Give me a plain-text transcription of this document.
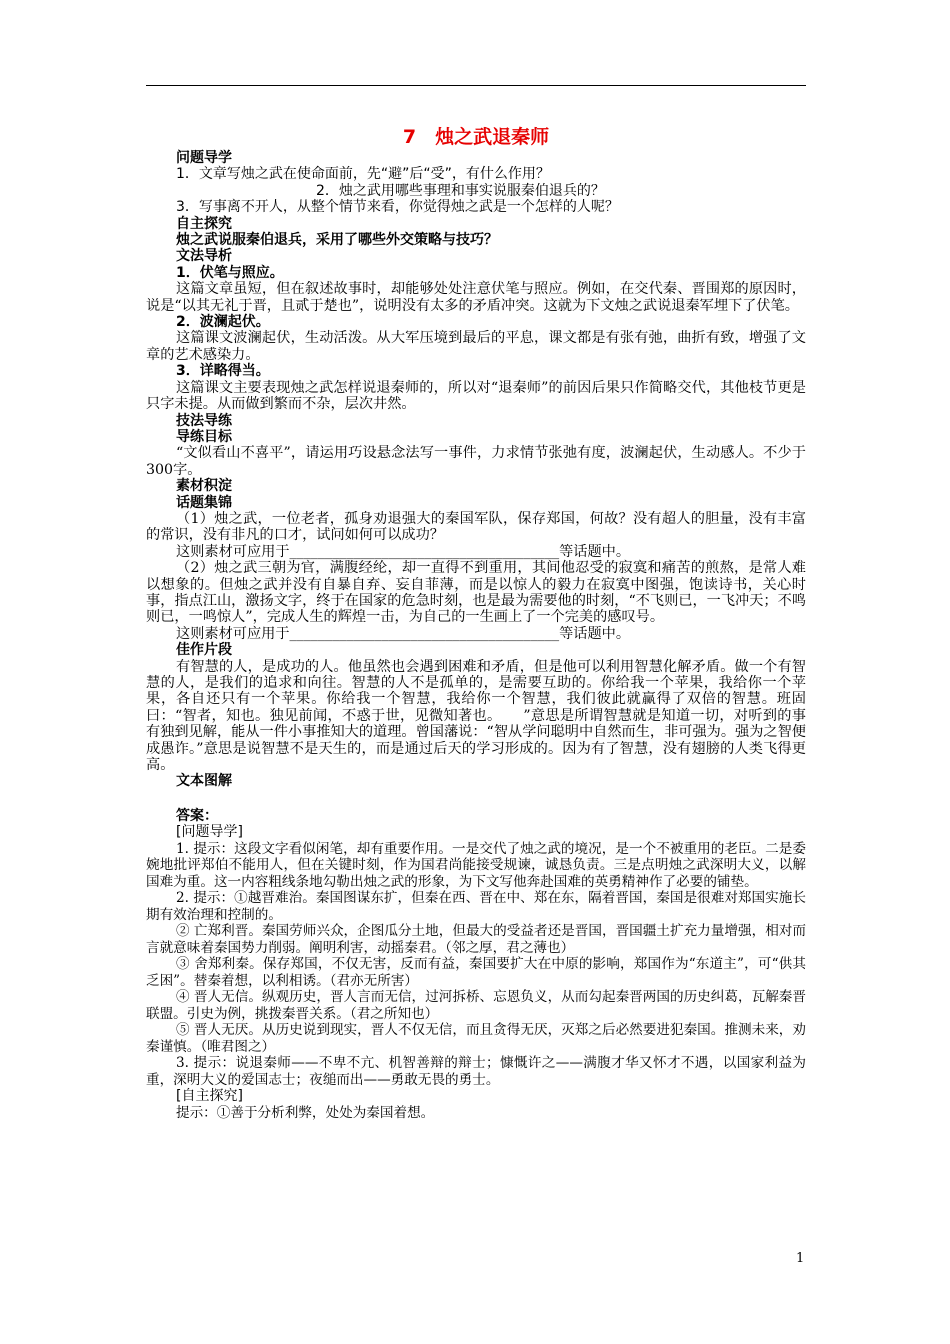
7　烛之武退秦师
问题导学
1．文章写烛之武在使命面前，先“避”后“受”，有什么作用？
2．烛之武用哪些事理和事实说服秦伯退兵的？
3．写事离不开人，从整个情节来看，你觉得烛之武是一个怎样的人呢？
自主探究
烛之武说服秦伯退兵，采用了哪些外交策略与技巧？
文法导析
1．伏笔与照应。

这篇文章虽短，但在叙述故事时，却能够处处注意伏笔与照应。例如，在交代秦、晋围郑的原因时，说是“以其无礼于晋，且贰于楚也”，说明没有太多的矛盾冲突。这就为下文烛之武说退秦军埋下了伏笔。

2．波澜起伏。

这篇课文波澜起伏，生动活泼。从大军压境到最后的平息，课文都是有张有弛，曲折有致，增强了文章的艺术感染力。

3．详略得当。

这篇课文主要表现烛之武怎样说退秦师的，所以对“退秦师”的前因后果只作简略交代，其他枝节更是只字未提。从而做到繁而不杂，层次井然。

技法导练
导练目标

“文似看山不喜平”，请运用巧设悬念法写一事件，力求情节张弛有度，波澜起伏，生动感人。不少于300字。

素材积淀
话题集锦

（1）烛之武，一位老者，孤身劝退强大的秦国军队，保存郑国，何故？没有超人的胆量，没有丰富的常识，没有非凡的口才，试问如何可以成功？

这则素材可应用于______________________________________等话题中。

（2）烛之武三朝为官，满腹经纶，却一直得不到重用，其间他忍受的寂寞和痛苦的煎熬，是常人难以想象的。但烛之武并没有自暴自弃、妄自菲薄，而是以惊人的毅力在寂寞中图强，饱读诗书，关心时事，指点江山，激扬文字，终于在国家的危急时刻，也是最为需要他的时刻，“不飞则已，一飞冲天；不鸣则已，一鸣惊人”，完成人生的辉煌一击，为自己的一生画上了一个完美的感叹号。

这则素材可应用于______________________________________等话题中。

佳作片段

有智慧的人，是成功的人。他虽然也会遇到困难和矛盾，但是他可以利用智慧化解矛盾。做一个有智慧的人，是我们的追求和向往。智慧的人不是孤单的，是需要互助的。你给我一个苹果，我给你一个苹果，各自还只有一个苹果。你给我一个智慧，我给你一个智慧，我们彼此就赢得了双倍的智慧。班固曰：“智者，知也。独见前闻，不惑于世，见微知著也。　　”意思是所谓智慧就是知道一切，对听到的事有独到见解，能从一件小事推知大的道理。曾国藩说：“智从学问聪明中自然而生，非可强为。强为之智便成愚诈。”意思是说智慧不是天生的，而是通过后天的学习形成的。因为有了智慧，没有翅膀的人类飞得更高。

文本图解
答案：
[问题导学]

1. 提示：这段文字看似闲笔，却有重要作用。一是交代了烛之武的境况，是一个不被重用的老臣。二是委婉地批评郑伯不能用人，但在关键时刻，作为国君尚能接受规谏，诚恳负责。三是点明烛之武深明大义，以解国难为重。这一内容粗线条地勾勒出烛之武的形象，为下文写他奔赴国难的英勇精神作了必要的铺垫。

2. 提示：①越晋难治。秦国图谋东扩，但秦在西、晋在中、郑在东，隔着晋国，秦国是很难对郑国实施长期有效治理和控制的。

② 亡郑利晋。秦国劳师兴众，企图瓜分土地，但最大的受益者还是晋国，晋国疆土扩充力量增强，相对而言就意味着秦国势力削弱。阐明利害，动摇秦君。（邻之厚，君之薄也）

③ 舍郑利秦。保存郑国，不仅无害，反而有益，秦国要扩大在中原的影响，郑国作为“东道主”，可“供其乏困”。替秦着想，以利相诱。（君亦无所害）

④ 晋人无信。纵观历史，晋人言而无信，过河拆桥、忘恩负义，从而勾起秦晋两国的历史纠葛，瓦解秦晋联盟。引史为例，挑拨秦晋关系。（君之所知也）

⑤ 晋人无厌。从历史说到现实，晋人不仅无信，而且贪得无厌，灭郑之后必然要进犯秦国。推测未来，劝秦谨慎。（唯君图之）

3. 提示：说退秦师——不卑不亢、机智善辩的辩士；慷慨许之——满腹才华又怀才不遇，以国家利益为重，深明大义的爱国志士；夜缒而出——勇敢无畏的勇士。

[自主探究]

提示：①善于分析利弊，处处为秦国着想。

1
